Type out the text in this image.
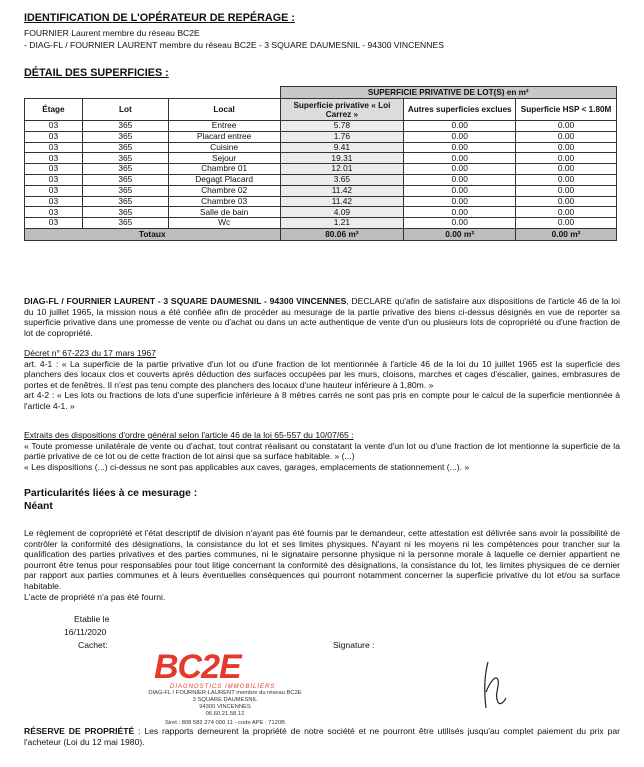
IDENTIFICATION DE L'OPÉRATEUR DE REPÉRAGE :
FOURNIER Laurent membre du réseau BC2E
- DIAG-FL / FOURNIER LAURENT membre du réseau BC2E - 3 SQUARE DAUMESNIL - 94300 VINCENNES
DÉTAIL DES SUPERFICIES :
			SUPERFICIE PRIVATIVE DE LOT(S) en m²		
Étage	Lot	Local	Superficie privative « Loi Carrez »	Autres superficies exclues	Superficie HSP < 1.80M
03	365	Entree	5.78	0.00	0.00
03	365	Placard entree	1.76	0.00	0.00
03	365	Cuisine	9.41	0.00	0.00
03	365	Sejour	19.31	0.00	0.00
03	365	Chambre 01	12.01	0.00	0.00
03	365	Degagt Placard	3.65	0.00	0.00
03	365	Chambre 02	11.42	0.00	0.00
03	365	Chambre 03	11.42	0.00	0.00
03	365	Salle de bain	4.09	0.00	0.00
03	365	Wc	1.21	0.00	0.00
Totaux			80.06 m²	0.00 m²	0.00 m²
DIAG-FL / FOURNIER LAURENT - 3 SQUARE DAUMESNIL - 94300 VINCENNES, DECLARE qu'afin de satisfaire aux dispositions de l'article 46 de la loi du 10 juillet 1965, la mission nous a été confiée afin de procéder au mesurage de la partie privative des biens ci-dessus désignés en vue de reporter sa superficie privative dans une promesse de vente ou d'achat ou dans un acte authentique de vente d'un ou plusieurs lots de copropriété ou d'une fraction de lot de copropriété.
Décret n° 67-223 du 17 mars 1967
art. 4-1 : « La superficie de la partie privative d'un lot ou d'une fraction de lot mentionnée à l'article 46 de la loi du 10 juillet 1965 est la superficie des planchers des locaux clos et couverts après déduction des surfaces occupées par les murs, cloisons, marches et cages d'escalier, gaines, embrasures de portes et de fenêtres. Il n'est pas tenu compte des planchers des locaux d'une hauteur inférieure à 1,80m. »
art 4-2 : « Les lots ou fractions de lots d'une superficie inférieure à 8 mètres carrés ne sont pas pris en compte pour le calcul de la superficie mentionnée à l'article 4-1. »
Extraits des dispositions d'ordre général selon l'article 46 de la loi 65-557 du 10/07/65 :
« Toute promesse unilatérale de vente ou d'achat, tout contrat réalisant ou constatant la vente d'un lot ou d'une fraction de lot mentionne la superficie de la partie privative de ce lot ou de cette fraction de lot ainsi que sa surface habitable. » (...)
« Les dispositions (...) ci-dessus ne sont pas applicables aux caves, garages, emplacements de stationnement (...). »
Particularités liées à ce mesurage :
Néant
Le règlement de copropriété et l'état descriptif de division n'ayant pas été fournis par le demandeur, cette attestation est délivrée sans avoir la possibilité de contrôler la conformité des désignations, la consistance du lot et ses limites physiques. N'ayant ni les moyens ni les compétences pour trancher sur la qualification des parties privatives et des parties communes, ni le signataire personne physique ni la personne morale à laquelle ce dernier appartient ne pourront être tenus pour responsables pour tout litige concernant la conformité des désignations, la consistance du lot, les limites physiques de ce dernier par rapport aux parties communes et à leurs éventuelles conséquences qui pourront notamment concerner la superficie privative du lot et/ou sa surface habitable.
L'acte de propriété n'a pas été fourni.
Etablie le
16/11/2020
Cachet:	Signature :
BC2E
DIAGNOSTICS IMMOBILIERS
DIAG-FL / FOURNIER LAURENT membre du réseau BC2E
3 SQUARE DAUMESNIL
94300 VINCENNES
06.60.21.58.12
Siret : 808 582 274 000 11 - code APE : 7120B
RÉSERVE DE PROPRIÉTÉ : Les rapports demeurent la propriété de notre société et ne pourront être utilisés jusqu'au complet paiement du prix par l'acheteur (Loi du 12 mai 1980).
